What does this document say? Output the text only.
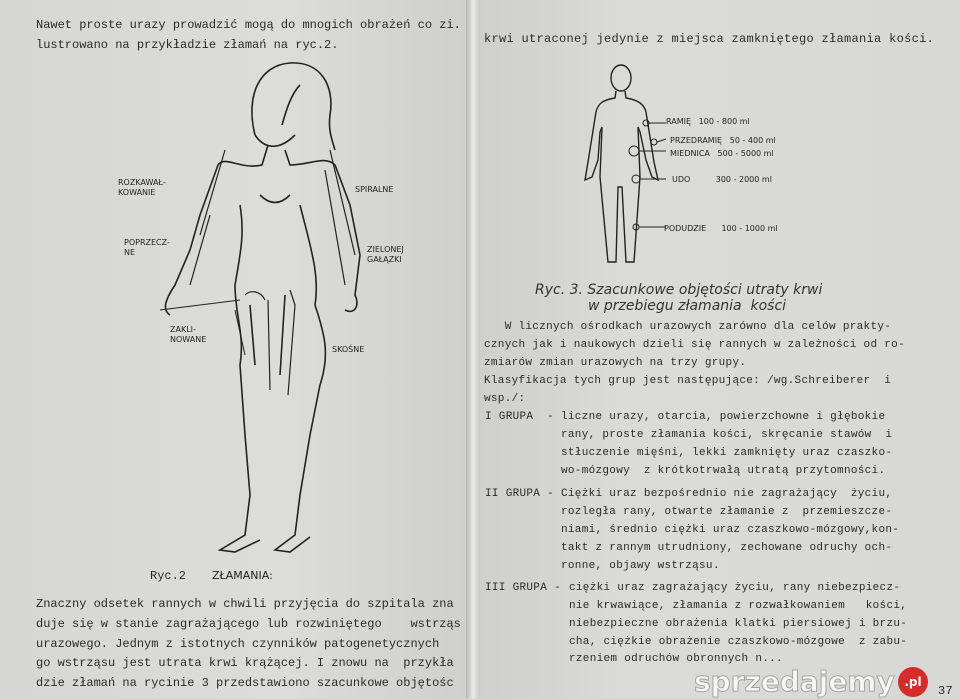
Nawet proste urazy prowadzić mogą do mnogich obrażeń co zi.
lustrowano na przykładzie złamań na ryc.2.
ROZKAWAŁ-
KOWANIE	SPIRALNE
POPRZECZ-
NE	ZIELONEJ
GAŁĄZKI
ZAKLI-
NOWANE
SKOŚNE
Ryc.2 ZŁAMANIA:
Znaczny odsetek rannych w chwili przyjęcia do szpitala zna
duje się w stanie zagrażającego lub rozwiniętego    wstrząs
urazowego. Jednym z istotnych czynników patogenetycznych
go wstrząsu jest utrata krwi krążącej. I znowu na  przykła
dzie złamań na rycinie 3 przedstawiono szacunkowe objętośc
krwi utraconej jedynie z miejsca zamkniętego złamania kości.
RAMIĘ 100 - 800 ml
PRZEDRAMIĘ 50 - 400 ml
MIEDNICA 500 - 5000 ml
UDO	300 - 2000 ml
PODUDZIE 100 - 1000 ml
Ryc. 3. Szacunkowe objętości utraty krwi
w przebiegu złamania  kości
W licznych ośrodkach urazowych zarówno dla celów prakty-
cznych jak i naukowych dzieli się rannych w zależności od ro-
zmiarów zmian urazowych na trzy grupy.
Klasyfikacja tych grup jest następujące: /wg.Schreiberer  i
wsp./:
I GRUPA  - liczne urazy, otarcia, powierzchowne i głębokie
rany, proste złamania kości, skręcanie stawów  i
stłuczenie mięśni, lekki zamknięty uraz czaszko-
wo-mózgowy  z krótkotrwałą utratą przytomności.
II GRUPA - Ciężki uraz bezpośrednio nie zagrażający  życiu,
rozległa rany, otwarte złamanie z  przemieszcze-
niami, średnio ciężki uraz czaszkowo-mózgowy,kon-
takt z rannym utrudniony, zechowane odruchy och-
ronne, objawy wstrząsu.
III GRUPA - ciężki uraz zagrażający życiu, rany niebezpiecz-
nie krwawiące, złamania z rozwałkowaniem   kości,
niebezpieczne obrażenia klatki piersiowej i brzu-
cha, ciężkie obrażenie czaszkowo-mózgowe  z zabu-
rzeniem odruchów obronnych n...
37
sprzedajemy .pl
